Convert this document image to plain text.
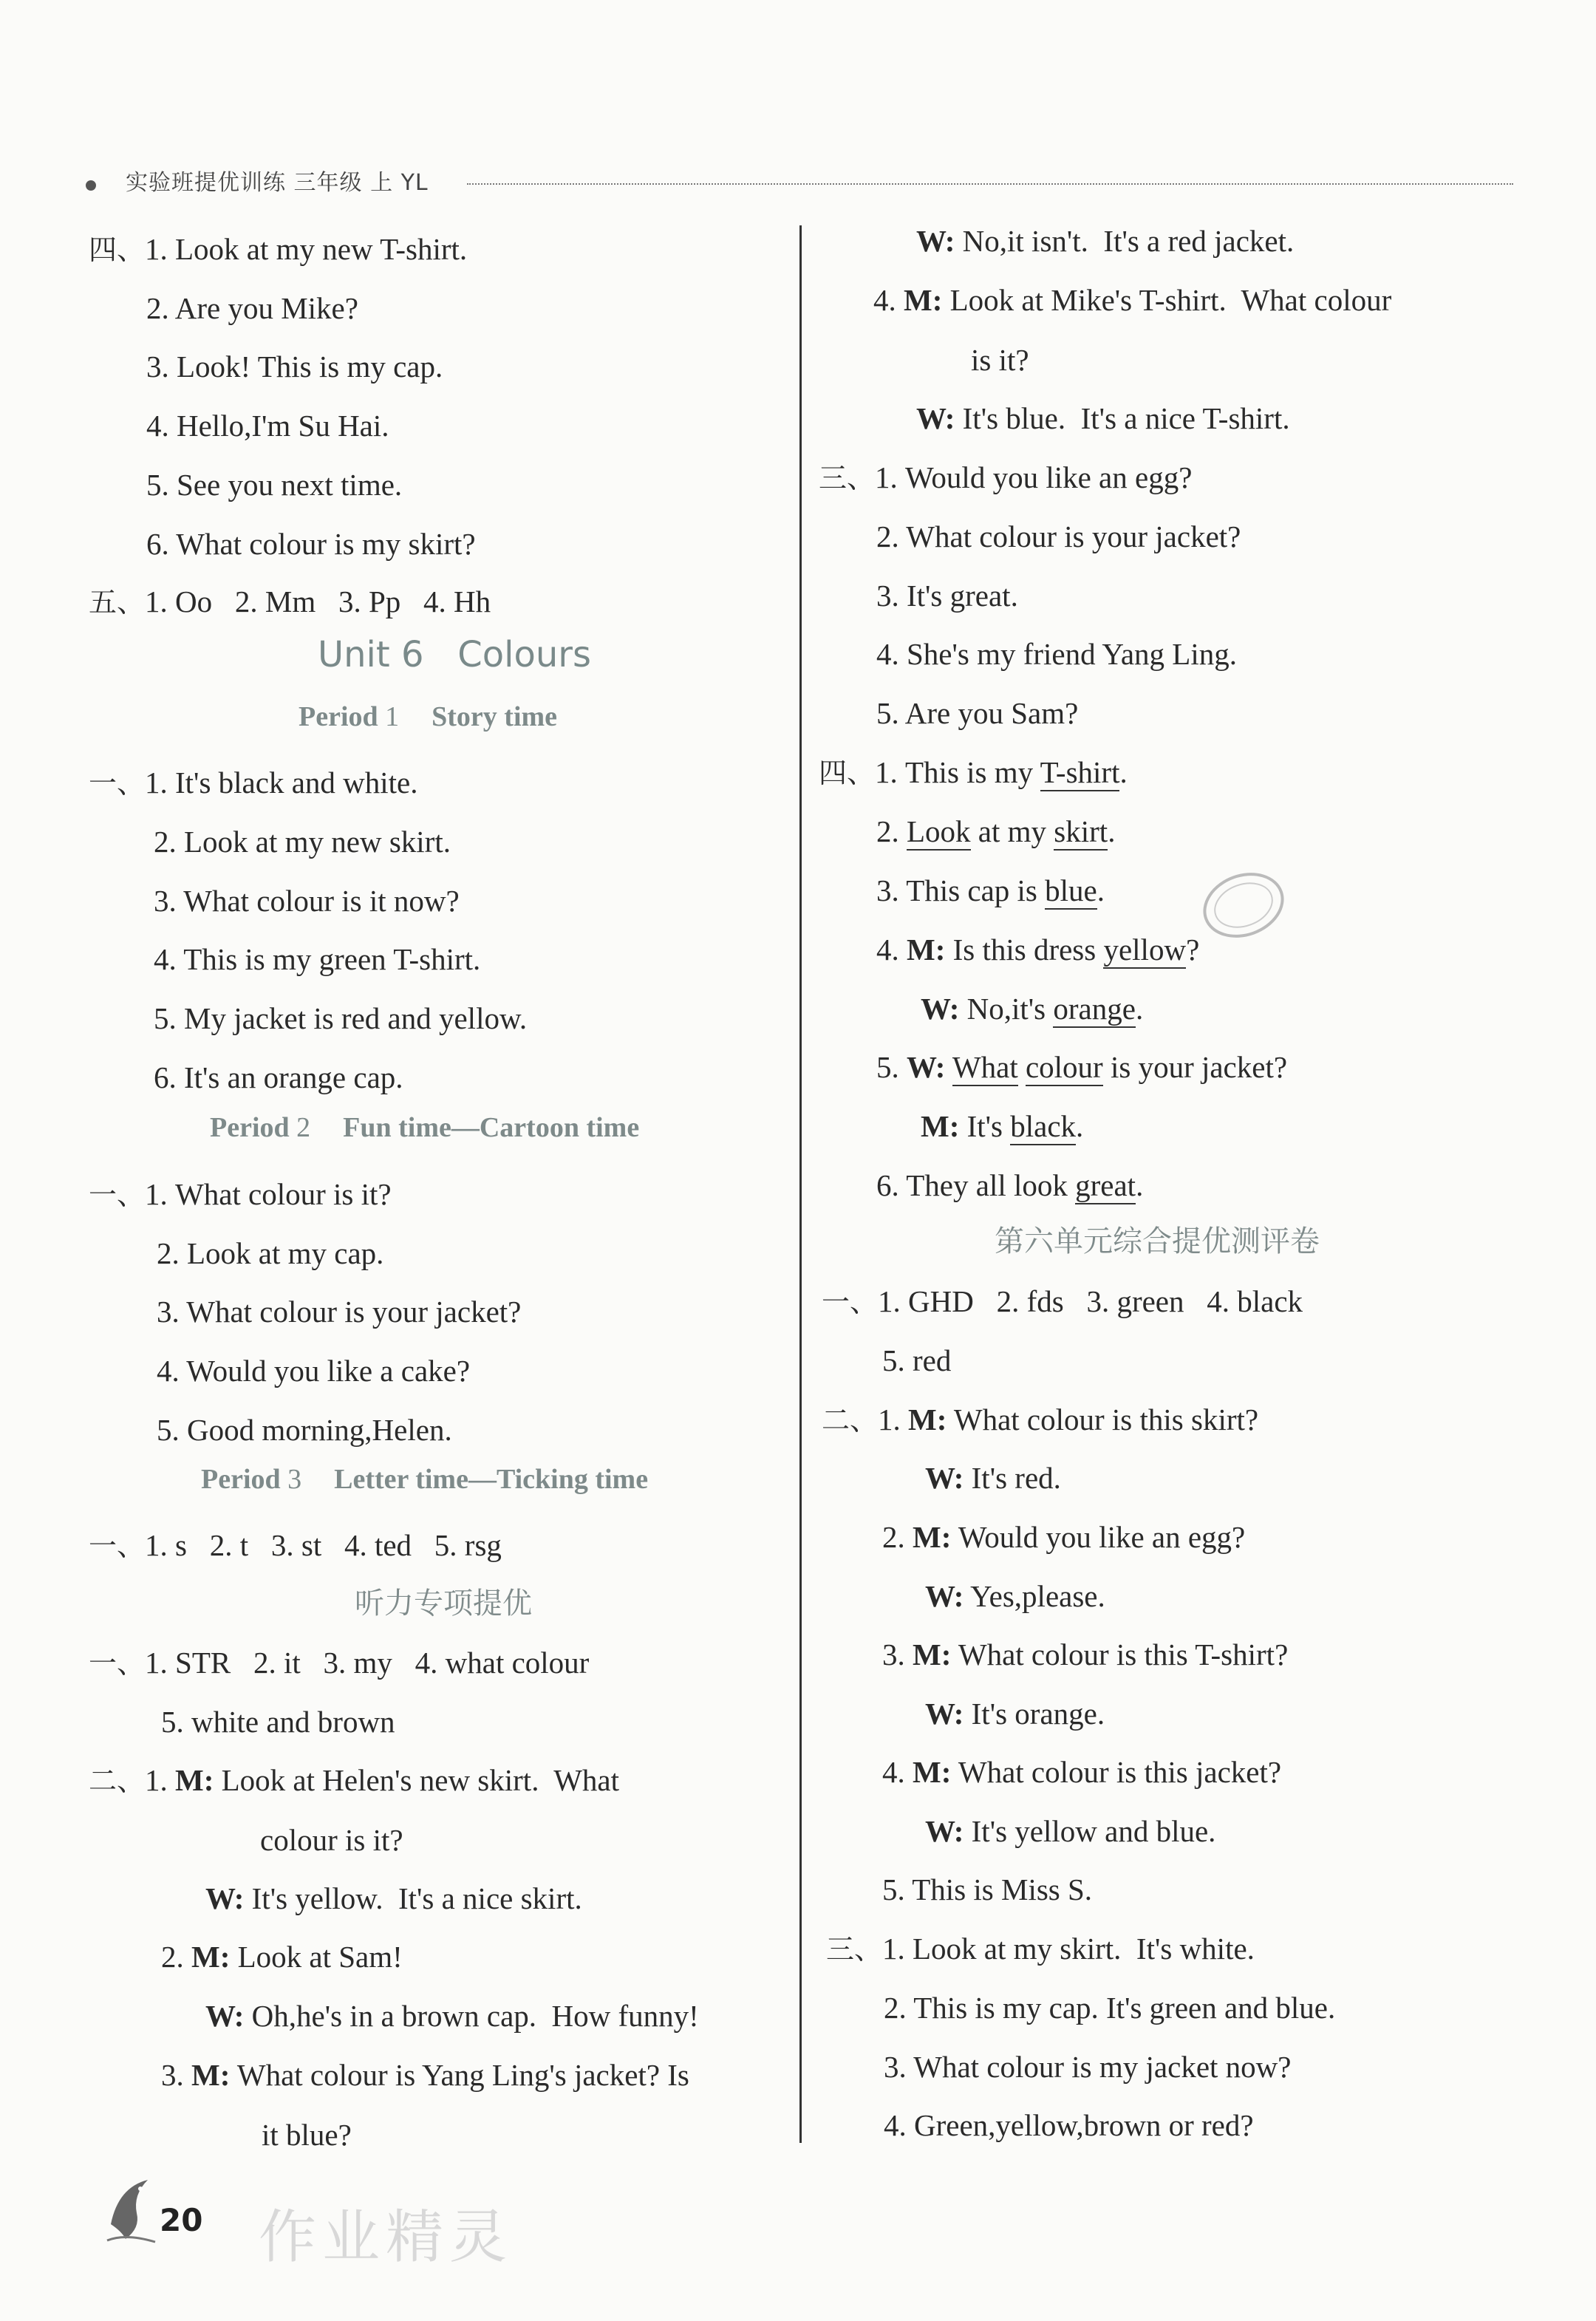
实验班提优训练 三年级 上 YL
四、1. Look at my new T-shirt.
2. Are you Mike?
3. Look! This is my cap.
4. Hello,I'm Su Hai.
5. See you next time.
6. What colour is my skirt?
五、1. Oo   2. Mm   3. Pp   4. Hh
Unit 6   Colours
Period 1 Story time
一、1. It's black and white.
2. Look at my new skirt.
3. What colour is it now?
4. This is my green T-shirt.
5. My jacket is red and yellow.
6. It's an orange cap.
Period 2 Fun time—Cartoon time
一、1. What colour is it?
2. Look at my cap.
3. What colour is your jacket?
4. Would you like a cake?
5. Good morning,Helen.
Period 3 Letter time—Ticking time
一、1. s   2. t   3. st   4. ted   5. rsg
听力专项提优
一、1. STR   2. it   3. my   4. what colour
5. white and brown
二、1. M: Look at Helen's new skirt.  What
colour is it?
W: It's yellow.  It's a nice skirt.
2. M: Look at Sam!
W: Oh,he's in a brown cap.  How funny!
3. M: What colour is Yang Ling's jacket? Is
it blue?
W: No,it isn't.  It's a red jacket.
4. M: Look at Mike's T-shirt.  What colour
is it?
W: It's blue.  It's a nice T-shirt.
三、1. Would you like an egg?
2. What colour is your jacket?
3. It's great.
4. She's my friend Yang Ling.
5. Are you Sam?
四、1. This is my T-shirt.
2. Look at my skirt.
3. This cap is blue.
4. M: Is this dress yellow?
W: No,it's orange.
5. W: What colour is your jacket?
M: It's black.
6. They all look great.
第六单元综合提优测评卷
一、1. GHD   2. fds   3. green   4. black
5. red
二、1. M: What colour is this skirt?
W: It's red.
2. M: Would you like an egg?
W: Yes,please.
3. M: What colour is this T-shirt?
W: It's orange.
4. M: What colour is this jacket?
W: It's yellow and blue.
5. This is Miss S.
三、1. Look at my skirt.  It's white.
2. This is my cap. It's green and blue.
3. What colour is my jacket now?
4. Green,yellow,brown or red?
20 作业精灵
